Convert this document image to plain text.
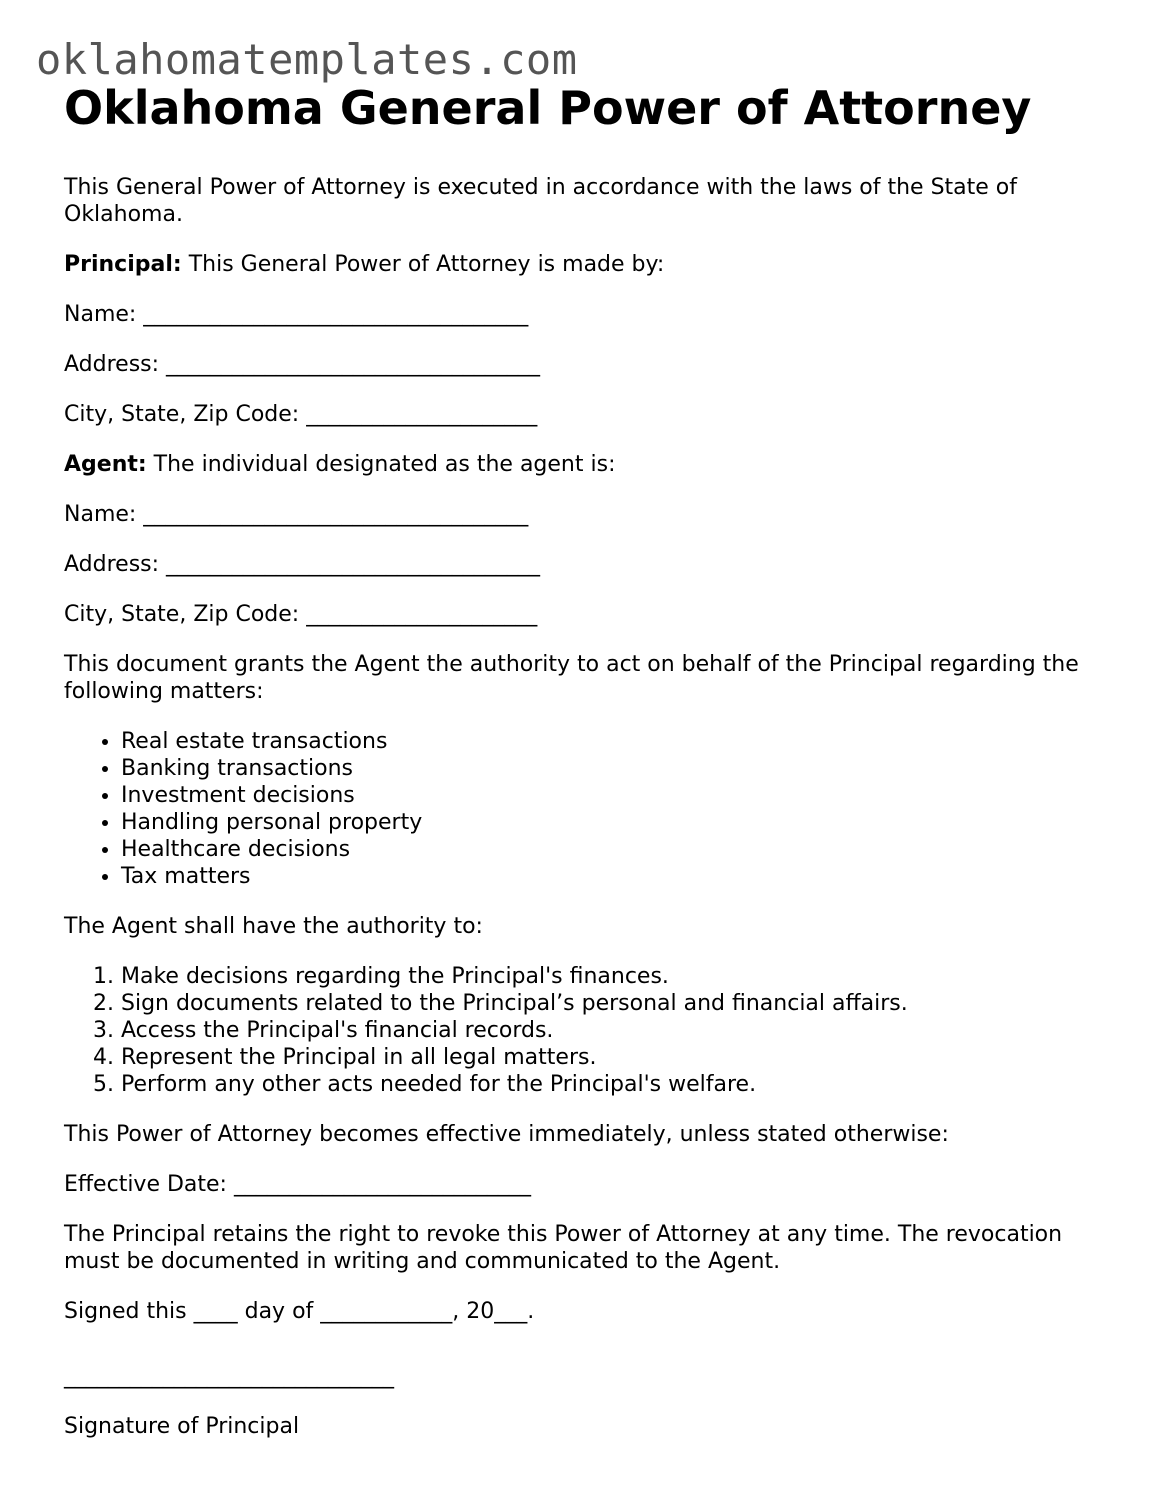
oklahomatemplates.com
Oklahoma General Power of Attorney

This General Power of Attorney is executed in accordance with the laws of the State of Oklahoma.

Principal: This General Power of Attorney is made by:

Name: ___________________________________

Address: __________________________________

City, State, Zip Code: _____________________

Agent: The individual designated as the agent is:

Name: ___________________________________

Address: __________________________________

City, State, Zip Code: _____________________

This document grants the Agent the authority to act on behalf of the Principal regarding the following matters:

• Real estate transactions
• Banking transactions
• Investment decisions
• Handling personal property
• Healthcare decisions
• Tax matters

The Agent shall have the authority to:

1. Make decisions regarding the Principal's finances.
2. Sign documents related to the Principal’s personal and financial affairs.
3. Access the Principal's financial records.
4. Represent the Principal in all legal matters.
5. Perform any other acts needed for the Principal's welfare.

This Power of Attorney becomes effective immediately, unless stated otherwise:

Effective Date: ___________________________

The Principal retains the right to revoke this Power of Attorney at any time. The revocation must be documented in writing and communicated to the Agent.

Signed this ____ day of ____________, 20___.

______________________________

Signature of Principal
